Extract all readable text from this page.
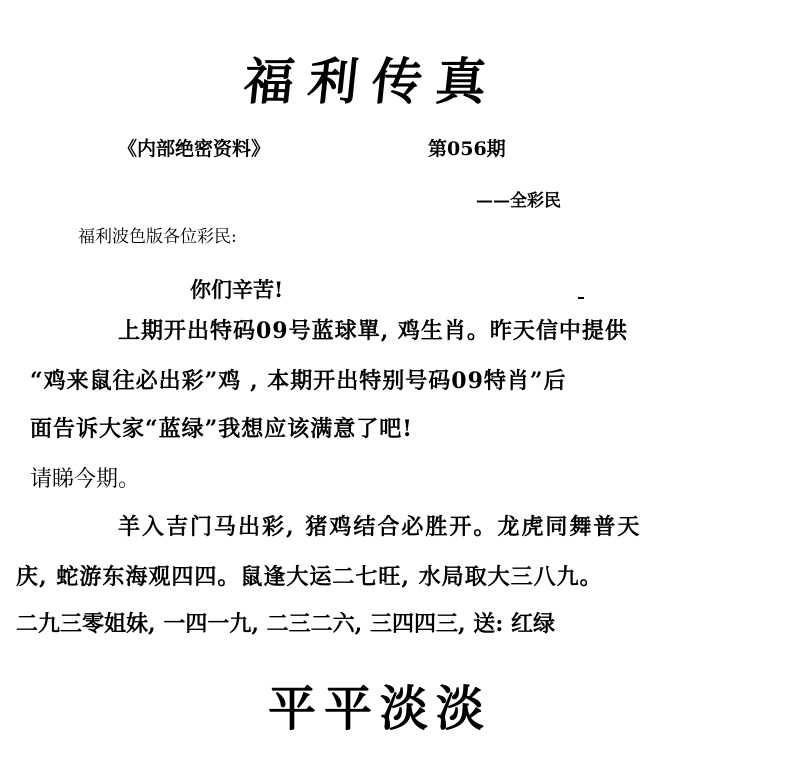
福利传真
《内部绝密资料》	第056期
——全彩民
福利波色版各位彩民:
你们辛苦!
上期开出特码09号蓝球單, 鸡生肖。昨天信中提供
“鸡来鼠往必出彩”鸡 , 本期开出特别号码09特肖”后
面告诉大家“蓝绿”我想应该满意了吧!
请睇今期。
羊入吉门马出彩, 猪鸡结合必胜开。龙虎同舞普天
庆, 蛇游东海观四四。鼠逢大运二七旺, 水局取大三八九。
二九三零姐妹, 一四一九, 二三二六, 三四四三, 送: 红绿
平平淡淡
